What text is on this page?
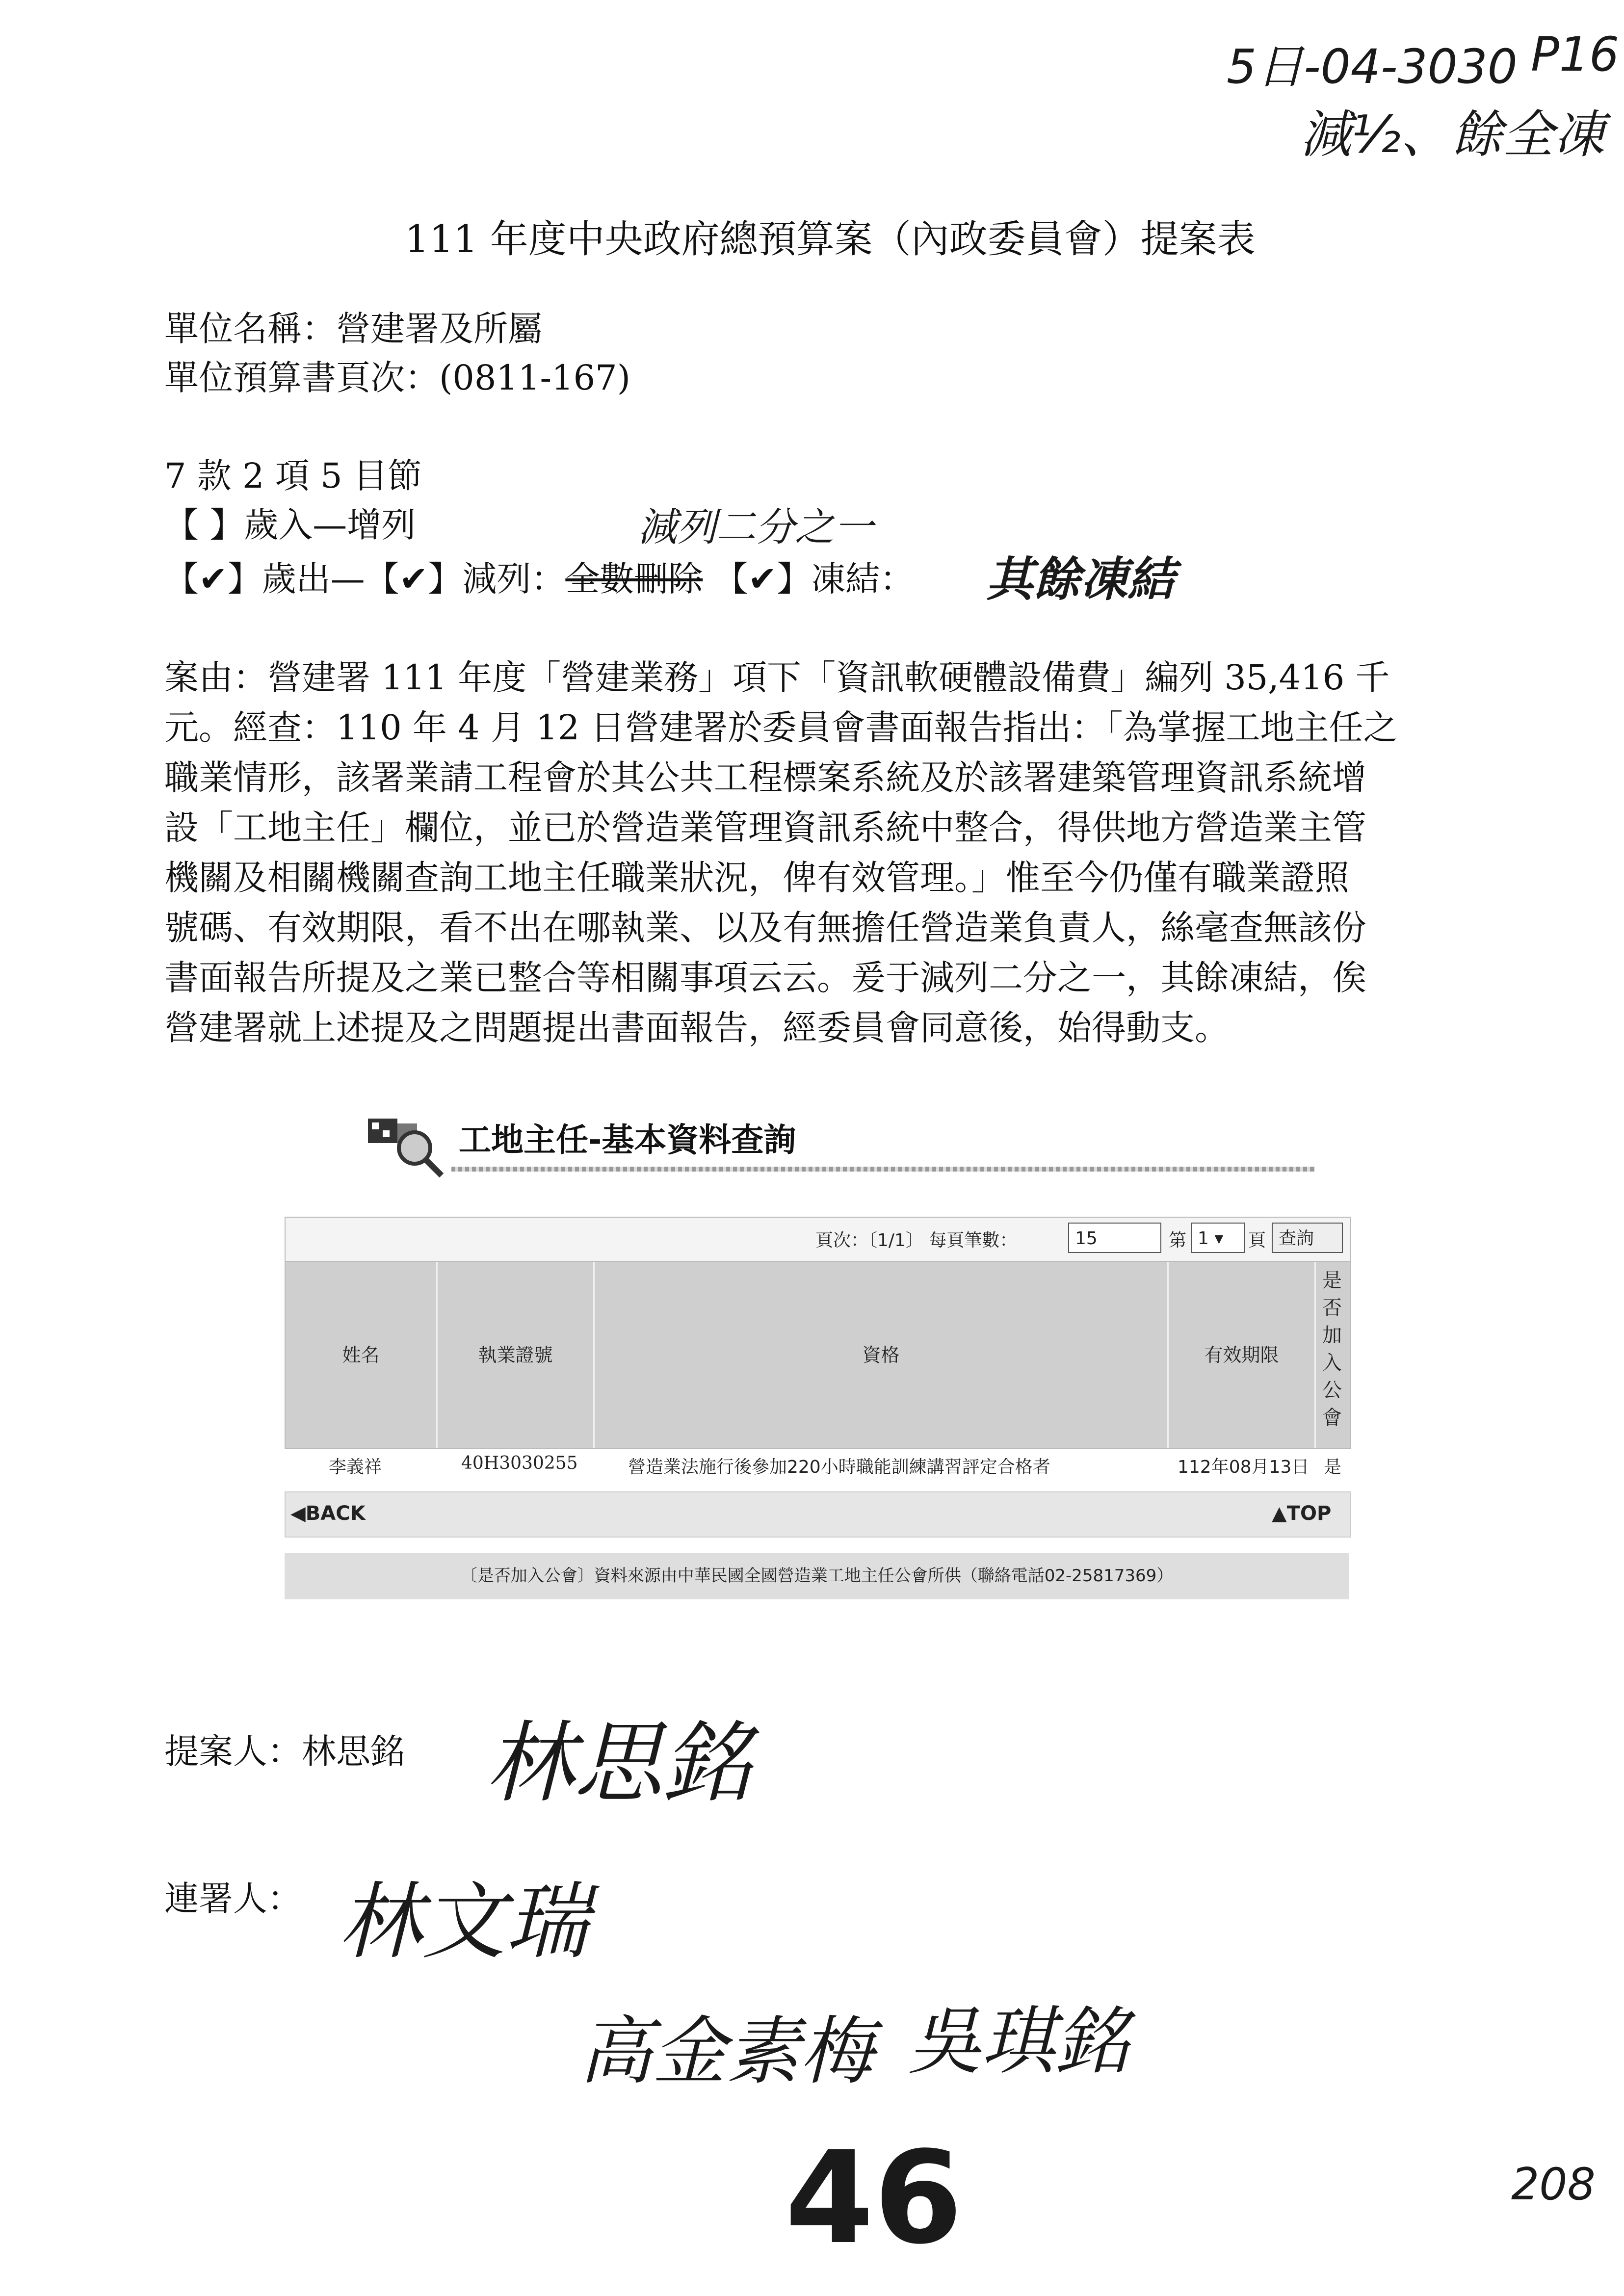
5日-04-3030 P16
減½、餘全凍
111 年度中央政府總預算案（內政委員會）提案表
單位名稱：營建署及所屬
單位預算書頁次：(0811-167)
7 款 2 項 5 目節
【 】歲入—增列	減列二分之一
【✔】歲出—【✔】減列：全數刪除 【✔】凍結： 其餘凍結
案由：營建署 111 年度「營建業務」項下「資訊軟硬體設備費」編列 35,416 千
元。經查：110 年 4 月 12 日營建署於委員會書面報告指出：「為掌握工地主任之
職業情形，該署業請工程會於其公共工程標案系統及於該署建築管理資訊系統增
設「工地主任」欄位，並已於營造業管理資訊系統中整合，得供地方營造業主管
機關及相關機關查詢工地主任職業狀況，俾有效管理。」惟至今仍僅有職業證照
號碼、有效期限，看不出在哪執業、以及有無擔任營造業負責人，絲毫查無該份
書面報告所提及之業已整合等相關事項云云。爰于減列二分之一，其餘凍結，俟
營建署就上述提及之問題提出書面報告，經委員會同意後，始得動支。
工地主任-基本資料查詢
頁次：〔1/1〕 每頁筆數：	15	第 1 ▾	頁 查詢
姓名	執業證號	資格	有效期限
是
否
加
入
公
會
李義祥	40H3030255	營造業法施行後參加220小時職能訓練講習評定合格者	112年08月13日 是
◀BACK	▲TOP
〔是否加入公會〕資料來源由中華民國全國營造業工地主任公會所供（聯絡電話02-25817369）
提案人：林思銘 林思銘
連署人： 林文瑞
高金素梅 吳琪銘
46	208
